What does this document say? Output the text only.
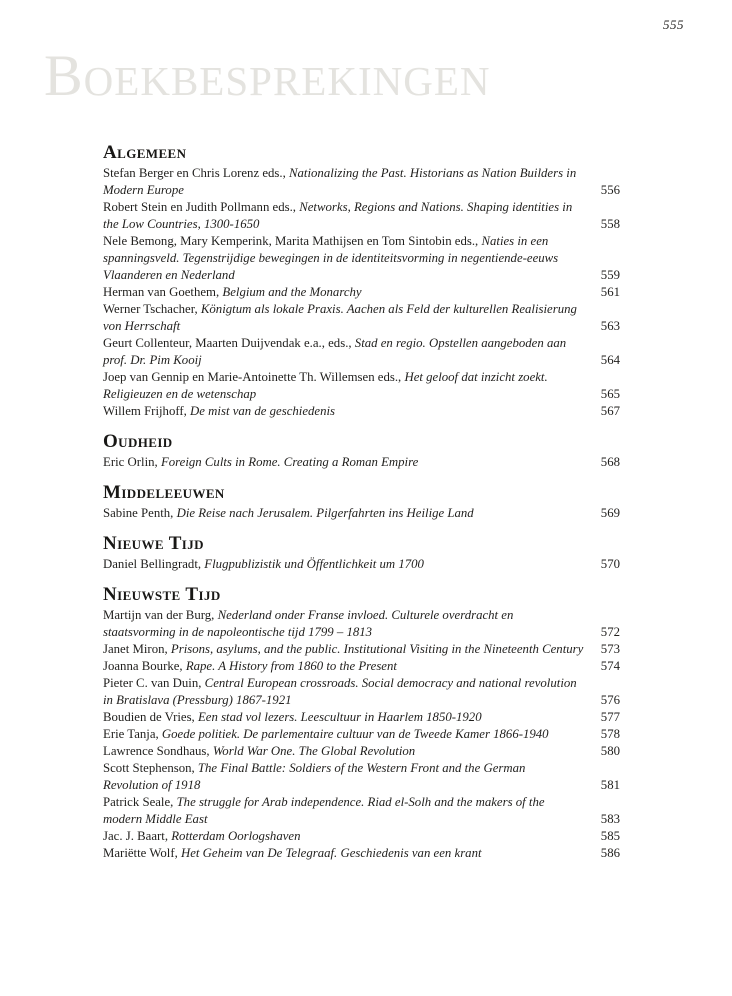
555
Boekbesprekingen
Algemeen
Stefan Berger en Chris Lorenz eds., Nationalizing the Past. Historians as Nation Builders in Modern Europe	556
Robert Stein en Judith Pollmann eds., Networks, Regions and Nations. Shaping identities in the Low Countries, 1300-1650	558
Nele Bemong, Mary Kemperink, Marita Mathijsen en Tom Sintobin eds., Naties in een spanningsveld. Tegenstrijdige bewegingen in de identiteitsvorming in negentiende-eeuws Vlaanderen en Nederland	559
Herman van Goethem, Belgium and the Monarchy	561
Werner Tschacher, Königtum als lokale Praxis. Aachen als Feld der kulturellen Realisierung von Herrschaft	563
Geurt Collenteur, Maarten Duijvendak e.a., eds., Stad en regio. Opstellen aangeboden aan prof. Dr. Pim Kooij	564
Joep van Gennip en Marie-Antoinette Th. Willemsen eds., Het geloof dat inzicht zoekt. Religieuzen en de wetenschap	565
Willem Frijhoff, De mist van de geschiedenis	567
Oudheid
Eric Orlin, Foreign Cults in Rome. Creating a Roman Empire	568
Middeleeuwen
Sabine Penth, Die Reise nach Jerusalem. Pilgerfahrten ins Heilige Land	569
Nieuwe Tijd
Daniel Bellingradt, Flugpublizistik und Öffentlichkeit um 1700	570
Nieuwste Tijd
Martijn van der Burg, Nederland onder Franse invloed. Culturele overdracht en staatsvorming in de napoleontische tijd 1799 – 1813	572
Janet Miron, Prisons, asylums, and the public. Institutional Visiting in the Nineteenth Century	573
Joanna Bourke, Rape. A History from 1860 to the Present	574
Pieter C. van Duin, Central European crossroads. Social democracy and national revolution in Bratislava (Pressburg) 1867-1921	576
Boudien de Vries, Een stad vol lezers. Leescultuur in Haarlem 1850-1920	577
Erie Tanja, Goede politiek. De parlementaire cultuur van de Tweede Kamer 1866-1940	578
Lawrence Sondhaus, World War One. The Global Revolution	580
Scott Stephenson, The Final Battle: Soldiers of the Western Front and the German Revolution of 1918	581
Patrick Seale, The struggle for Arab independence. Riad el-Solh and the makers of the modern Middle East	583
Jac. J. Baart, Rotterdam Oorlogshaven	585
Mariëtte Wolf, Het Geheim van De Telegraaf. Geschiedenis van een krant	586
